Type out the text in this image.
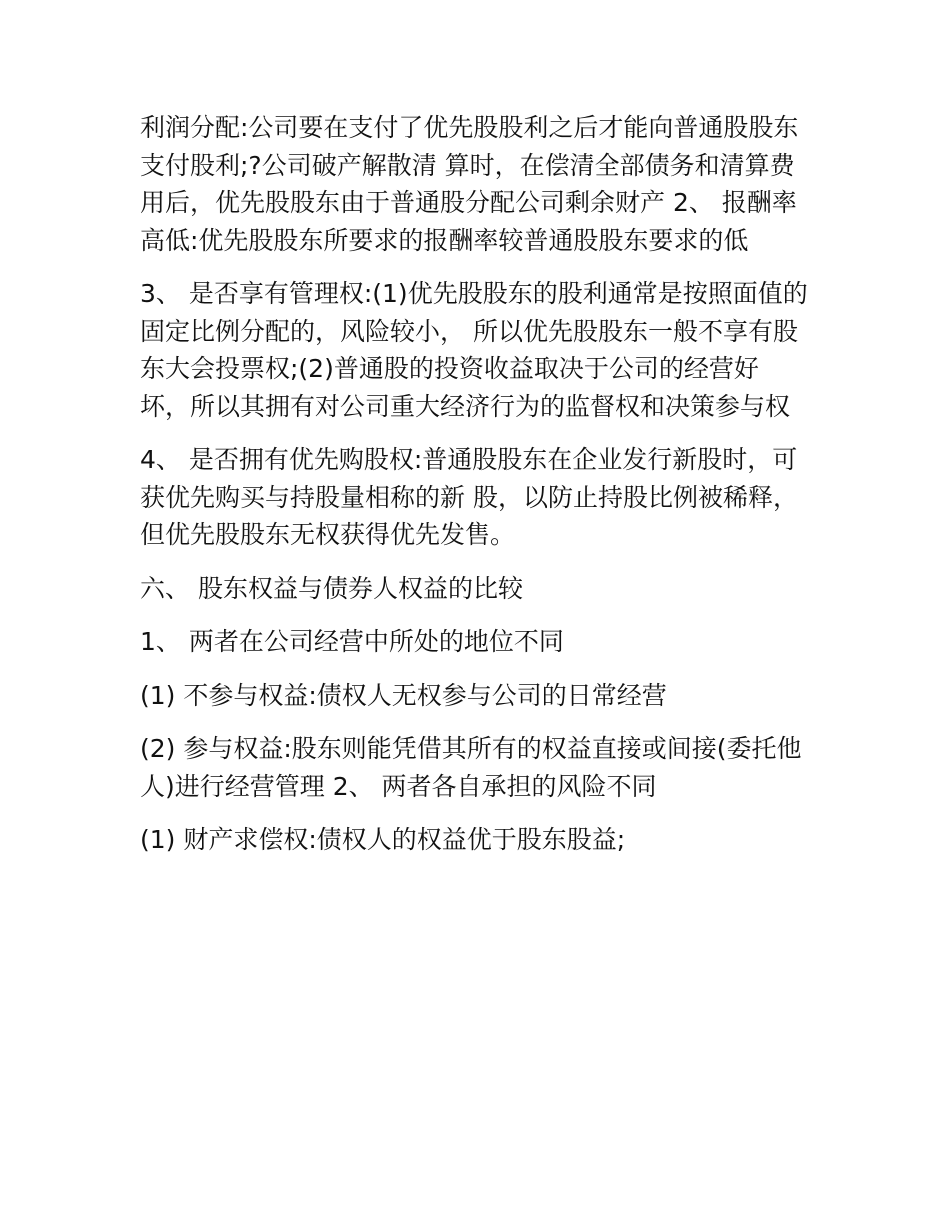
利润分配:公司要在支付了优先股股利之后才能向普通股股东支付股利;?公司破产解散清 算时，在偿清全部债务和清算费用后，优先股股东由于普通股分配公司剩余财产 2、 报酬率高低:优先股股东所要求的报酬率较普通股股东要求的低

3、 是否享有管理权:(1)优先股股东的股利通常是按照面值的固定比例分配的，风险较小， 所以优先股股东一般不享有股东大会投票权;(2)普通股的投资收益取决于公司的经营好 坏，所以其拥有对公司重大经济行为的监督权和决策参与权

4、 是否拥有优先购股权:普通股股东在企业发行新股时，可获优先购买与持股量相称的新 股，以防止持股比例被稀释，但优先股股东无权获得优先发售。

六、 股东权益与债券人权益的比较

1、 两者在公司经营中所处的地位不同

(1) 不参与权益:债权人无权参与公司的日常经营

(2) 参与权益:股东则能凭借其所有的权益直接或间接(委托他人)进行经营管理 2、 两者各自承担的风险不同

(1) 财产求偿权:债权人的权益优于股东股益;
